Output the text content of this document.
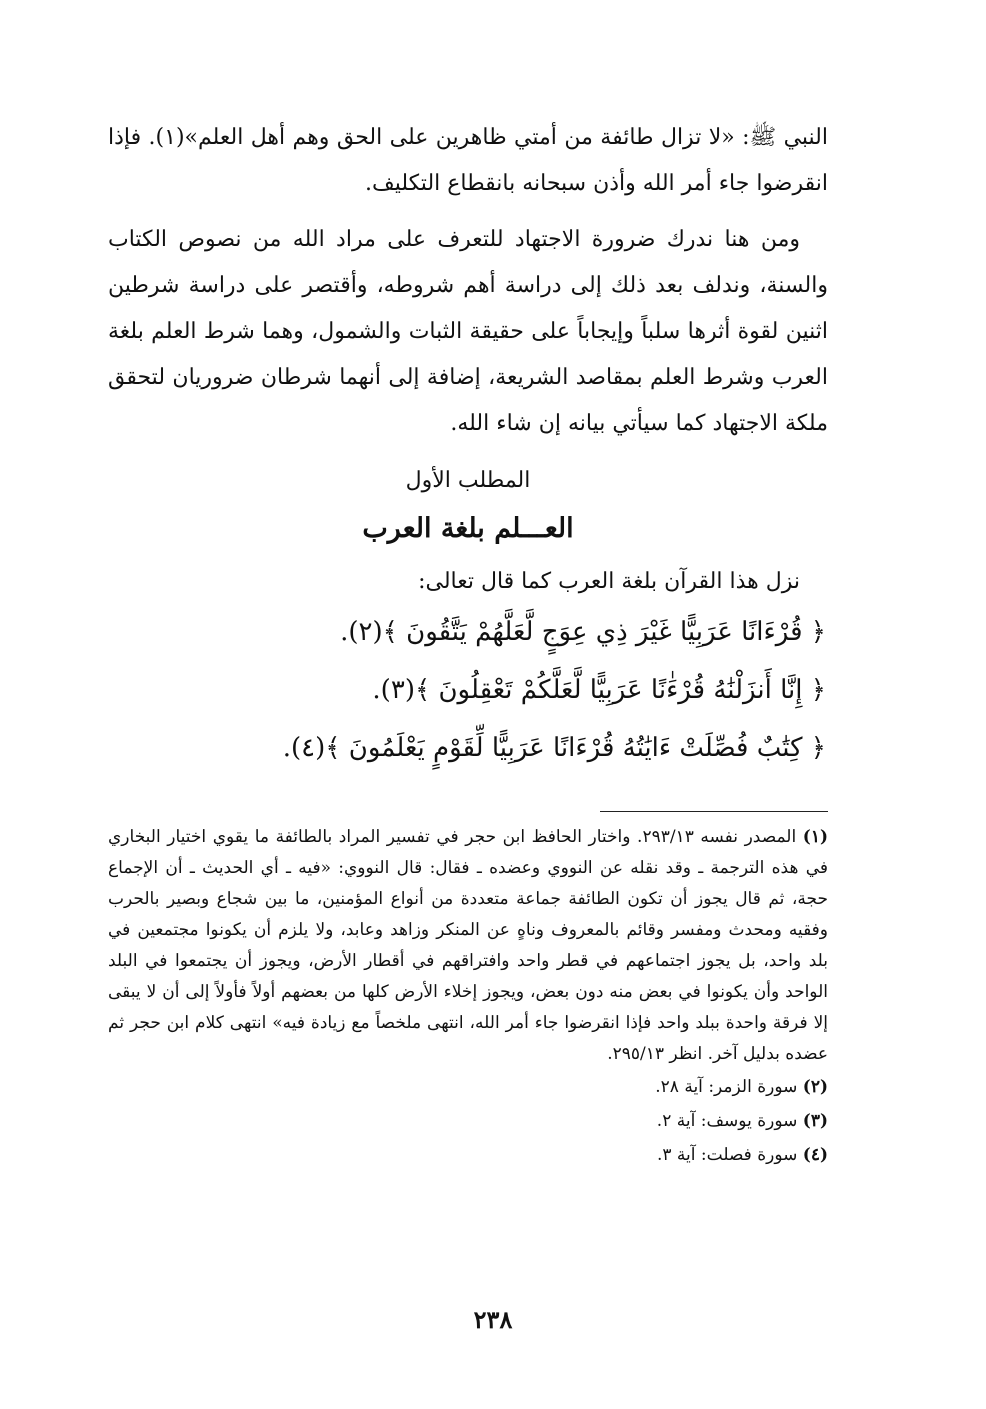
النبي ﷺ: «لا تزال طائفة من أمتي ظاهرين على الحق وهم أهل العلم»(١). فإذا انقرضوا جاء أمر الله وأذن سبحانه بانقطاع التكليف.

ومن هنا ندرك ضرورة الاجتهاد للتعرف على مراد الله من نصوص الكتاب والسنة، وندلف بعد ذلك إلى دراسة أهم شروطه، وأقتصر على دراسة شرطين اثنين لقوة أثرها سلباً وإيجاباً على حقيقة الثبات والشمول، وهما شرط العلم بلغة العرب وشرط العلم بمقاصد الشريعة، إضافة إلى أنهما شرطان ضروريان لتحقق ملكة الاجتهاد كما سيأتي بيانه إن شاء الله.

المطلب الأول
العـــلم بلغة العرب
نزل هذا القرآن بلغة العرب كما قال تعالى:
﴿ قُرْءَانًا عَرَبِيًّا غَيْرَ ذِي عِوَجٍ لَّعَلَّهُمْ يَتَّقُونَ ﴾(٢).
﴿ إِنَّا أَنزَلْنَٰهُ قُرْءَٰنًا عَرَبِيًّا لَّعَلَّكُمْ تَعْقِلُونَ ﴾(٣).
﴿ كِتَٰبٌ فُصِّلَتْ ءَايَٰتُهُ قُرْءَانًا عَرَبِيًّا لِّقَوْمٍ يَعْلَمُونَ ﴾(٤).
(١) المصدر نفسه ٢٩٣/١٣. واختار الحافظ ابن حجر في تفسير المراد بالطائفة ما يقوي اختيار البخاري في هذه الترجمة ـ وقد نقله عن النووي وعضده ـ فقال: قال النووي: «فيه ـ أي الحديث ـ أن الإجماع حجة، ثم قال يجوز أن تكون الطائفة جماعة متعددة من أنواع المؤمنين، ما بين شجاع وبصير بالحرب وفقيه ومحدث ومفسر وقائم بالمعروف وناهٍ عن المنكر وزاهد وعابد، ولا يلزم أن يكونوا مجتمعين في بلد واحد، بل يجوز اجتماعهم في قطر واحد وافتراقهم في أقطار الأرض، ويجوز أن يجتمعوا في البلد الواحد وأن يكونوا في بعض منه دون بعض، ويجوز إخلاء الأرض كلها من بعضهم أولاً فأولاً إلى أن لا يبقى إلا فرقة واحدة ببلد واحد فإذا انقرضوا جاء أمر الله، انتهى ملخصاً مع زيادة فيه» انتهى كلام ابن حجر ثم عضده بدليل آخر. انظر ٢٩٥/١٣.
(٢) سورة الزمر: آية ٢٨.
(٣) سورة يوسف: آية ٢.
(٤) سورة فصلت: آية ٣.
٢٣٨
